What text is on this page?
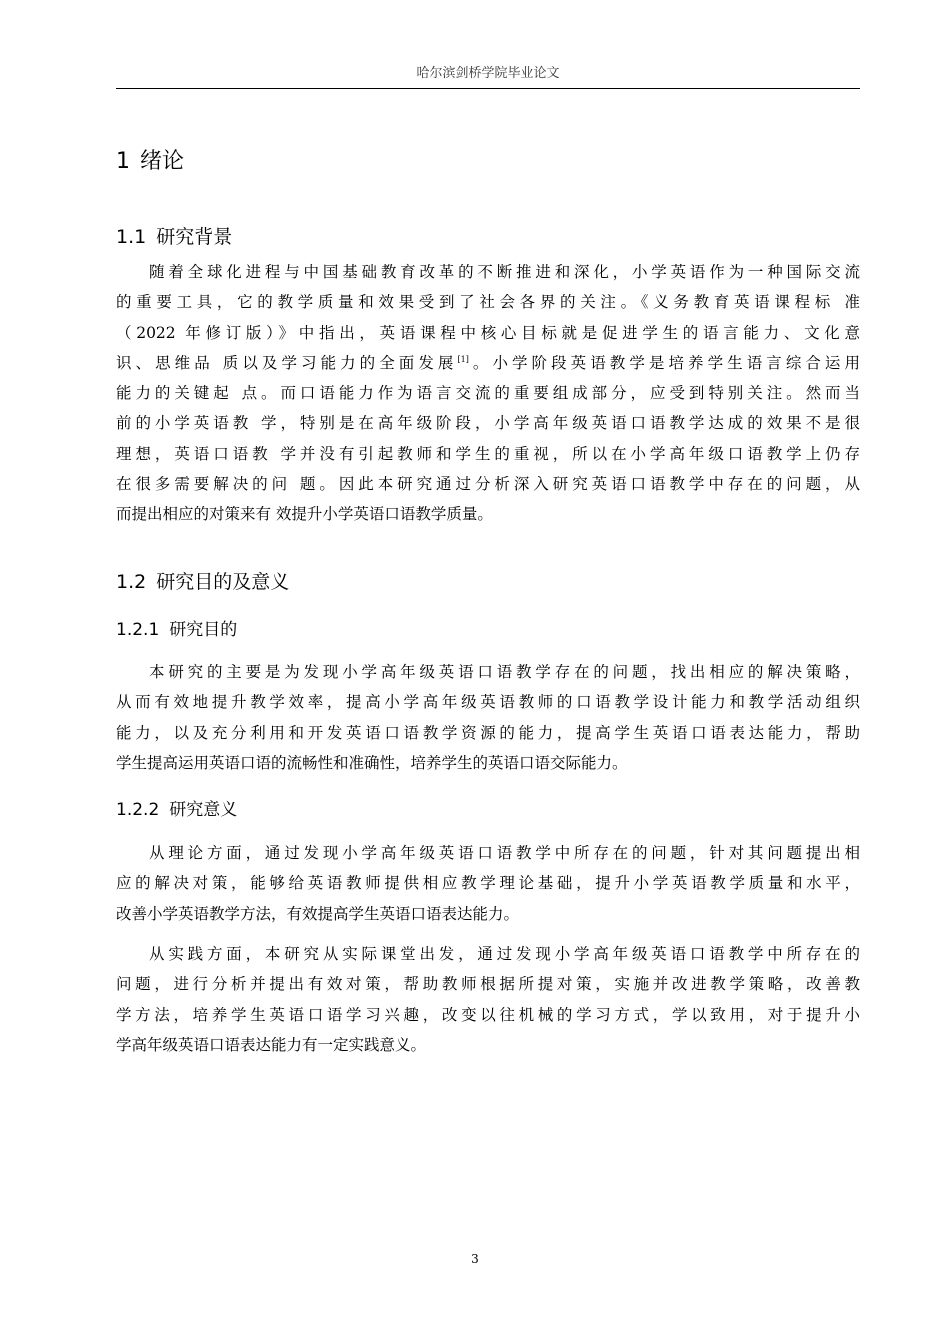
哈尔滨剑桥学院毕业论文
1 绪论
1.1 研究背景
随着全球化进程与中国基础教育改革的不断推进和深化，小学英语作为一种国际交流
的重要工具，它的教学质量和效果受到了社会各界的关注。《义务教育英语课程标 准
（2022 年修订版）》中指出，英语课程中核心目标就是促进学生的语言能力、文化意
识、思维品 质以及学习能力的全面发展[1]。小学阶段英语教学是培养学生语言综合运用
能力的关键起 点。而口语能力作为语言交流的重要组成部分，应受到特别关注。然而当
前的小学英语教 学，特别是在高年级阶段，小学高年级英语口语教学达成的效果不是很
理想，英语口语教 学并没有引起教师和学生的重视，所以在小学高年级口语教学上仍存
在很多需要解决的问 题。因此本研究通过分析深入研究英语口语教学中存在的问题，从
而提出相应的对策来有 效提升小学英语口语教学质量。
1.2 研究目的及意义
1.2.1 研究目的
本研究的主要是为发现小学高年级英语口语教学存在的问题，找出相应的解决策略，
从而有效地提升教学效率，提高小学高年级英语教师的口语教学设计能力和教学活动组织
能力，以及充分利用和开发英语口语教学资源的能力，提高学生英语口语表达能力，帮助
学生提高运用英语口语的流畅性和准确性，培养学生的英语口语交际能力。
1.2.2 研究意义
从理论方面，通过发现小学高年级英语口语教学中所存在的问题，针对其问题提出相
应的解决对策，能够给英语教师提供相应教学理论基础，提升小学英语教学质量和水平，
改善小学英语教学方法，有效提高学生英语口语表达能力。
从实践方面，本研究从实际课堂出发，通过发现小学高年级英语口语教学中所存在的
问题，进行分析并提出有效对策，帮助教师根据所提对策，实施并改进教学策略，改善教
学方法，培养学生英语口语学习兴趣，改变以往机械的学习方式，学以致用，对于提升小
学高年级英语口语表达能力有一定实践意义。
3
